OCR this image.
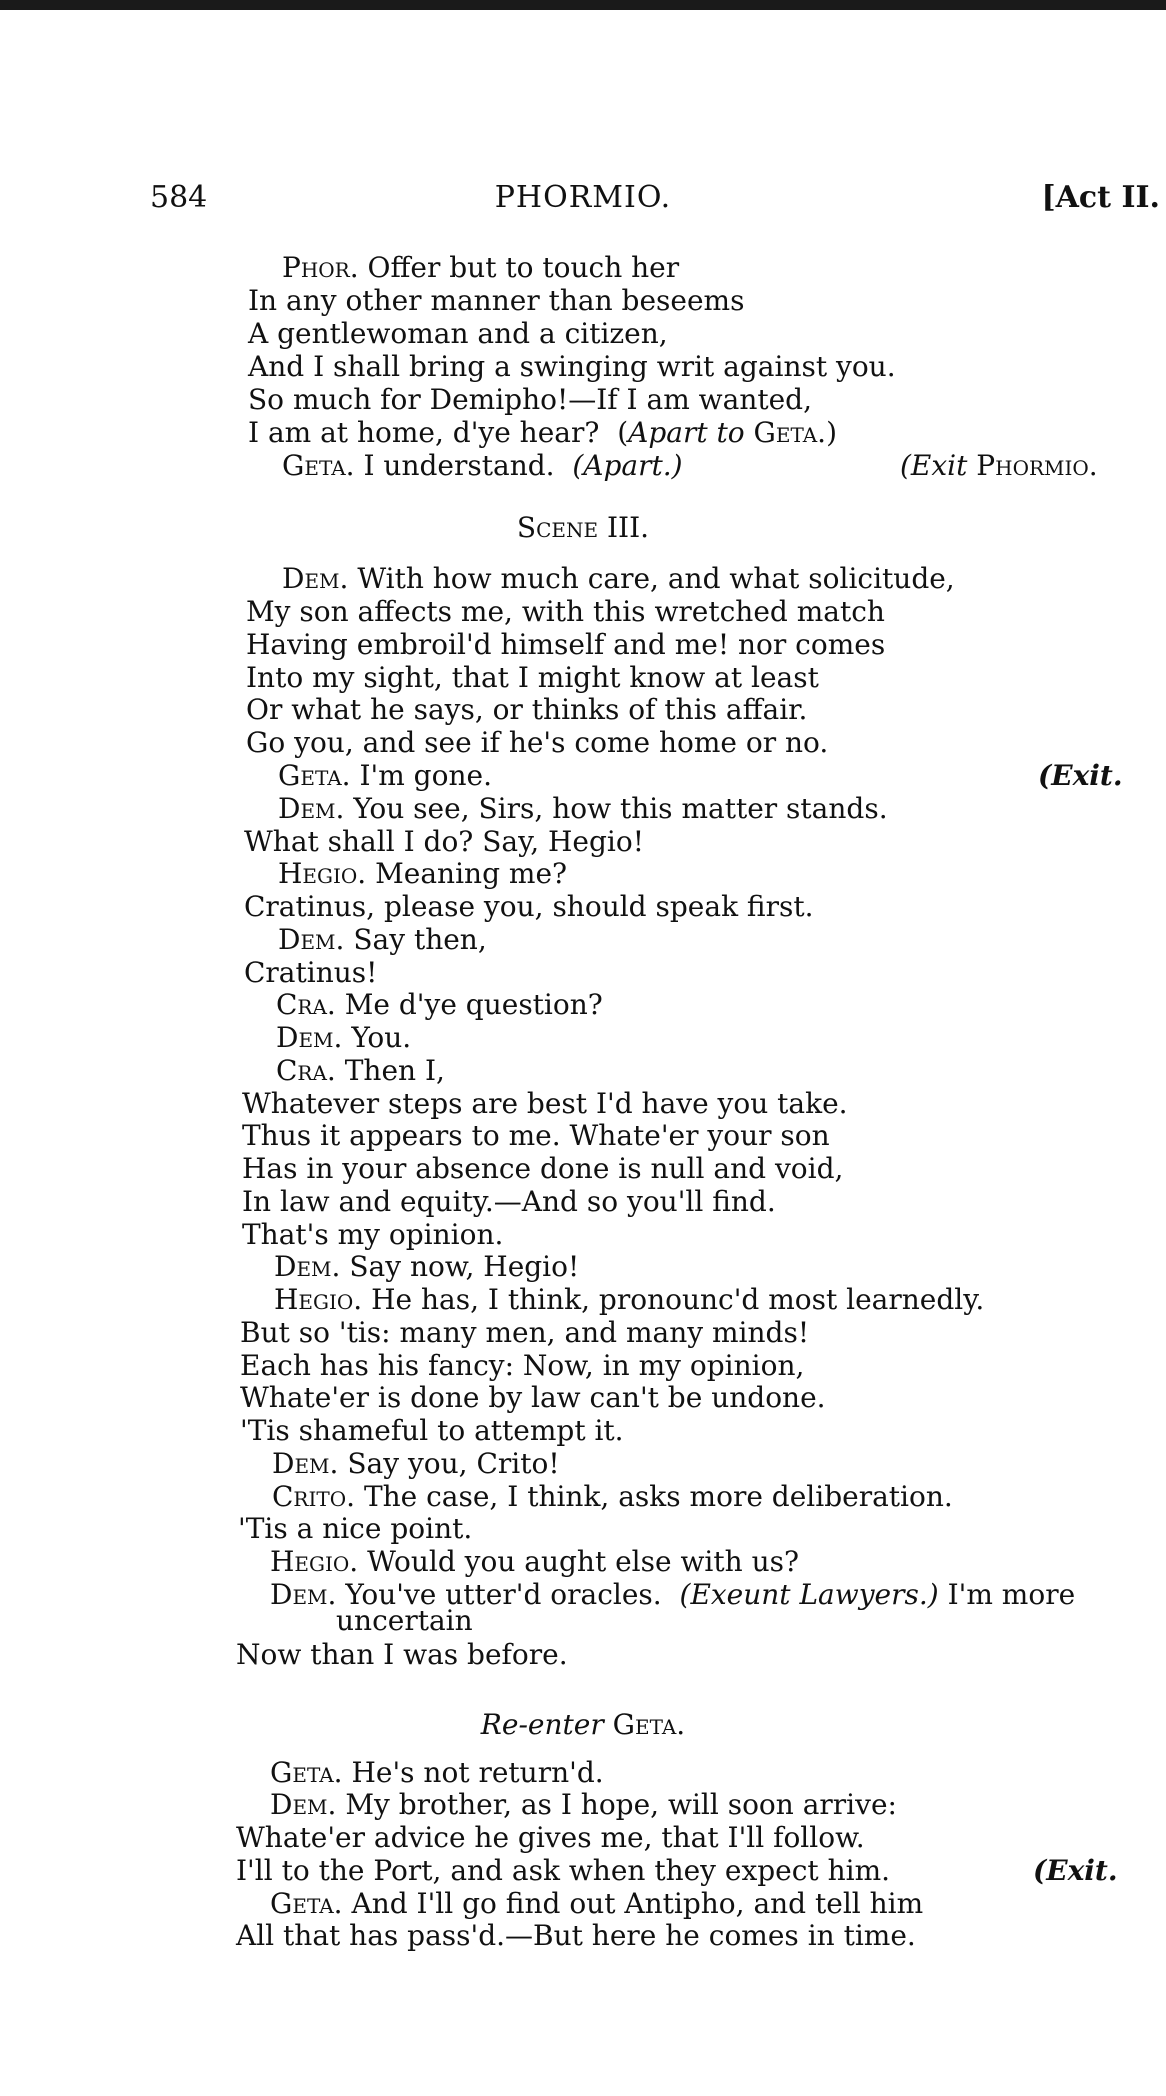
584	PHORMIO.	[Act II.
Phor. Offer but to touch her
In any other manner than beseems
A gentlewoman and a citizen,
And I shall bring a swinging writ against you.
So much for Demipho!—If I am wanted,
I am at home, d'ye hear? (Apart to Geta.)
Geta. I understand. (Apart.)	(Exit Phormio.
Scene III.
Dem. With how much care, and what solicitude,
My son affects me, with this wretched match
Having embroil'd himself and me! nor comes
Into my sight, that I might know at least
Or what he says, or thinks of this affair.
Go you, and see if he's come home or no.
Geta. I'm gone.	(Exit.
Dem. You see, Sirs, how this matter stands.
What shall I do? Say, Hegio!
Hegio. Meaning me?
Cratinus, please you, should speak first.
Dem. Say then,
Cratinus!
Cra. Me d'ye question?
Dem. You.
Cra. Then I,
Whatever steps are best I'd have you take.
Thus it appears to me. Whate'er your son
Has in your absence done is null and void,
In law and equity.—And so you'll find.
That's my opinion.
Dem. Say now, Hegio!
Hegio. He has, I think, pronounc'd most learnedly.
But so 'tis: many men, and many minds!
Each has his fancy: Now, in my opinion,
Whate'er is done by law can't be undone.
'Tis shameful to attempt it.
Dem. Say you, Crito!
Crito. The case, I think, asks more deliberation.
'Tis a nice point.
Hegio. Would you aught else with us?
Dem. You've utter'd oracles. (Exeunt Lawyers.) I'm more
uncertain
Now than I was before.
Re-enter Geta.
Geta. He's not return'd.
Dem. My brother, as I hope, will soon arrive:
Whate'er advice he gives me, that I'll follow.
I'll to the Port, and ask when they expect him.	(Exit.
Geta. And I'll go find out Antipho, and tell him
All that has pass'd.—But here he comes in time.
